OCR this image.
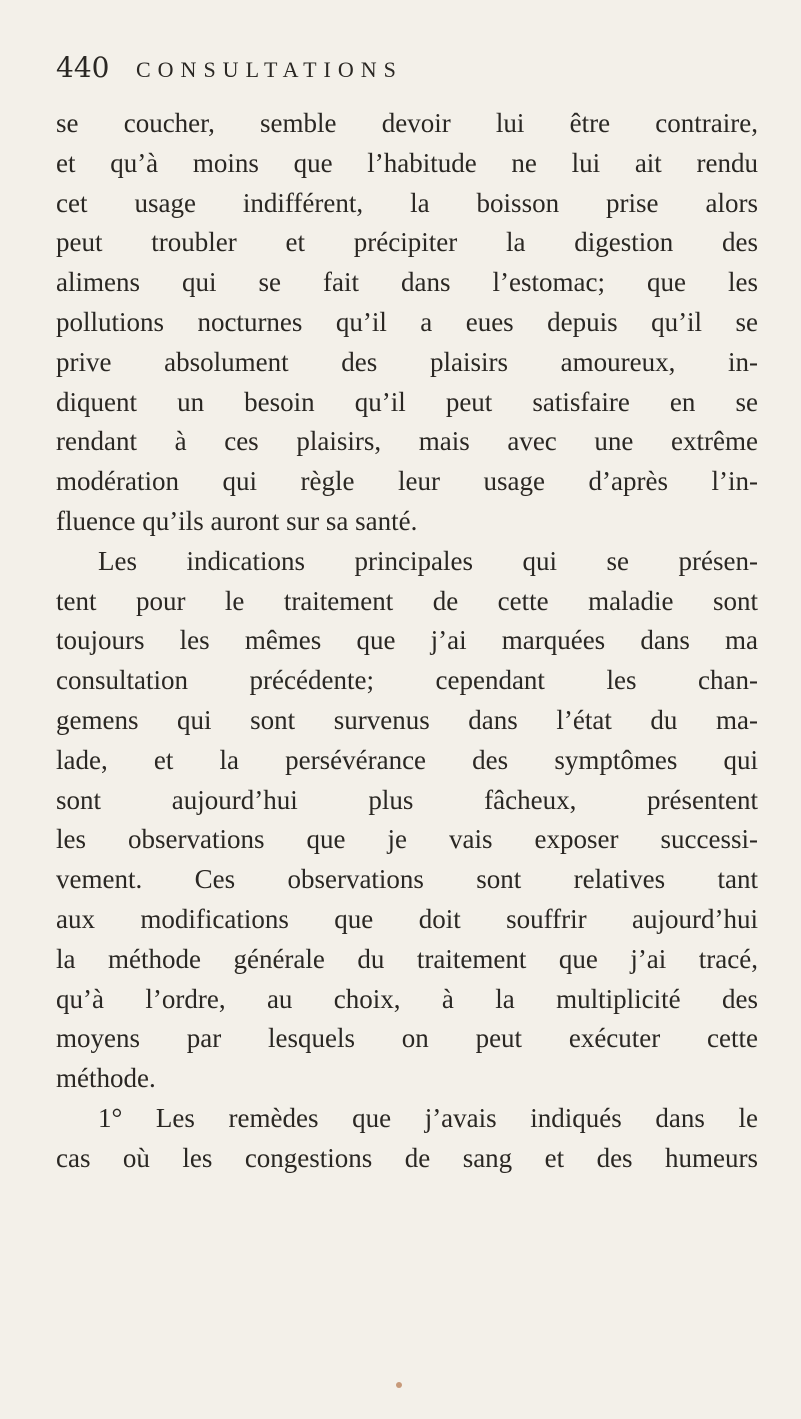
440 CONSULTATIONS
se coucher, semble devoir lui être contraire,
et qu’à moins que l’habitude ne lui ait rendu
cet usage indifférent, la boisson prise alors
peut troubler et précipiter la digestion des
alimens qui se fait dans l’estomac; que les
pollutions nocturnes qu’il a eues depuis qu’il se
prive absolument des plaisirs amoureux, in-
diquent un besoin qu’il peut satisfaire en se
rendant à ces plaisirs, mais avec une extrême
modération qui règle leur usage d’après l’in-
fluence qu’ils auront sur sa santé.
Les indications principales qui se présen-
tent pour le traitement de cette maladie sont
toujours les mêmes que j’ai marquées dans ma
consultation précédente; cependant les chan-
gemens qui sont survenus dans l’état du ma-
lade, et la persévérance des symptômes qui
sont aujourd’hui plus fâcheux, présentent
les observations que je vais exposer successi-
vement. Ces observations sont relatives tant
aux modifications que doit souffrir aujourd’hui
la méthode générale du traitement que j’ai tracé,
qu’à l’ordre, au choix, à la multiplicité des
moyens par lesquels on peut exécuter cette
méthode.
1° Les remèdes que j’avais indiqués dans le
cas où les congestions de sang et des humeurs
